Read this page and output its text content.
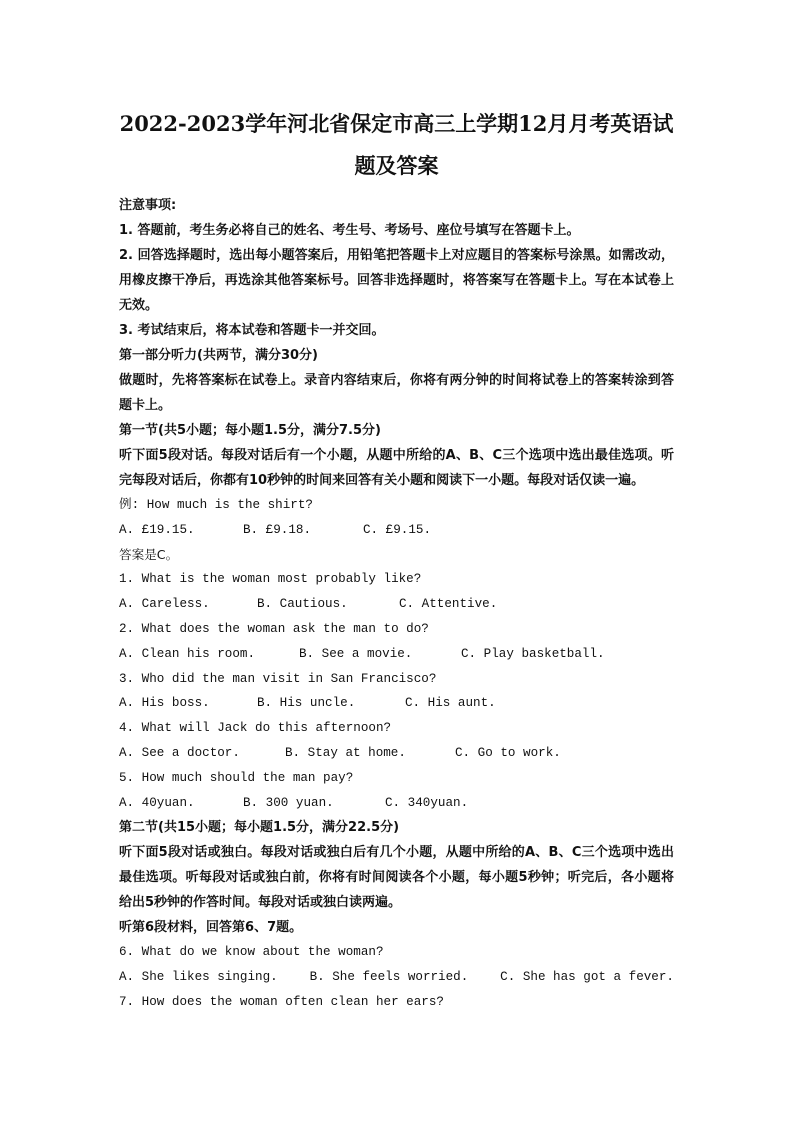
2022-2023学年河北省保定市高三上学期12月月考英语试
题及答案

注意事项:

1. 答题前，考生务必将自己的姓名、考生号、考场号、座位号填写在答题卡上。

2. 回答选择题时，选出每小题答案后，用铅笔把答题卡上对应题目的答案标号涂黑。如需改动，用橡皮擦干净后，再选涂其他答案标号。回答非选择题时，将答案写在答题卡上。写在本试卷上无效。

3. 考试结束后，将本试卷和答题卡一并交回。

第一部分听力(共两节，满分30分)

做题时，先将答案标在试卷上。录音内容结束后，你将有两分钟的时间将试卷上的答案转涂到答题卡上。

第一节(共5小题；每小题1.5分，满分7.5分)

听下面5段对话。每段对话后有一个小题，从题中所给的A、B、C三个选项中选出最佳选项。听完每段对话后，你都有10秒钟的时间来回答有关小题和阅读下一小题。每段对话仅读一遍。

例: How much is the shirt?

A. £19.15.	B. £9.18.	C. £9.15.

答案是C。

1. What is the woman most probably like?

A. Careless.	B. Cautious.	C. Attentive.

2. What does the woman ask the man to do?

A. Clean his room.	B. See a movie.	C. Play basketball.

3. Who did the man visit in San Francisco?

A. His boss.	B. His uncle.	C. His aunt.

4. What will Jack do this afternoon?

A. See a doctor.	B. Stay at home.	C. Go to work.

5. How much should the man pay?

A. 40yuan.	B. 300 yuan.	C. 340yuan.

第二节(共15小题；每小题1.5分，满分22.5分)

听下面5段对话或独白。每段对话或独白后有几个小题，从题中所给的A、B、C三个选项中选出最佳选项。听每段对话或独白前，你将有时间阅读各个小题，每小题5秒钟；听完后，各小题将给出5秒钟的作答时间。每段对话或独白读两遍。

听第6段材料，回答第6、7题。

6. What do we know about the woman?

A. She likes singing.	B. She feels worried.	C. She has got a fever.

7. How does the woman often clean her ears?
